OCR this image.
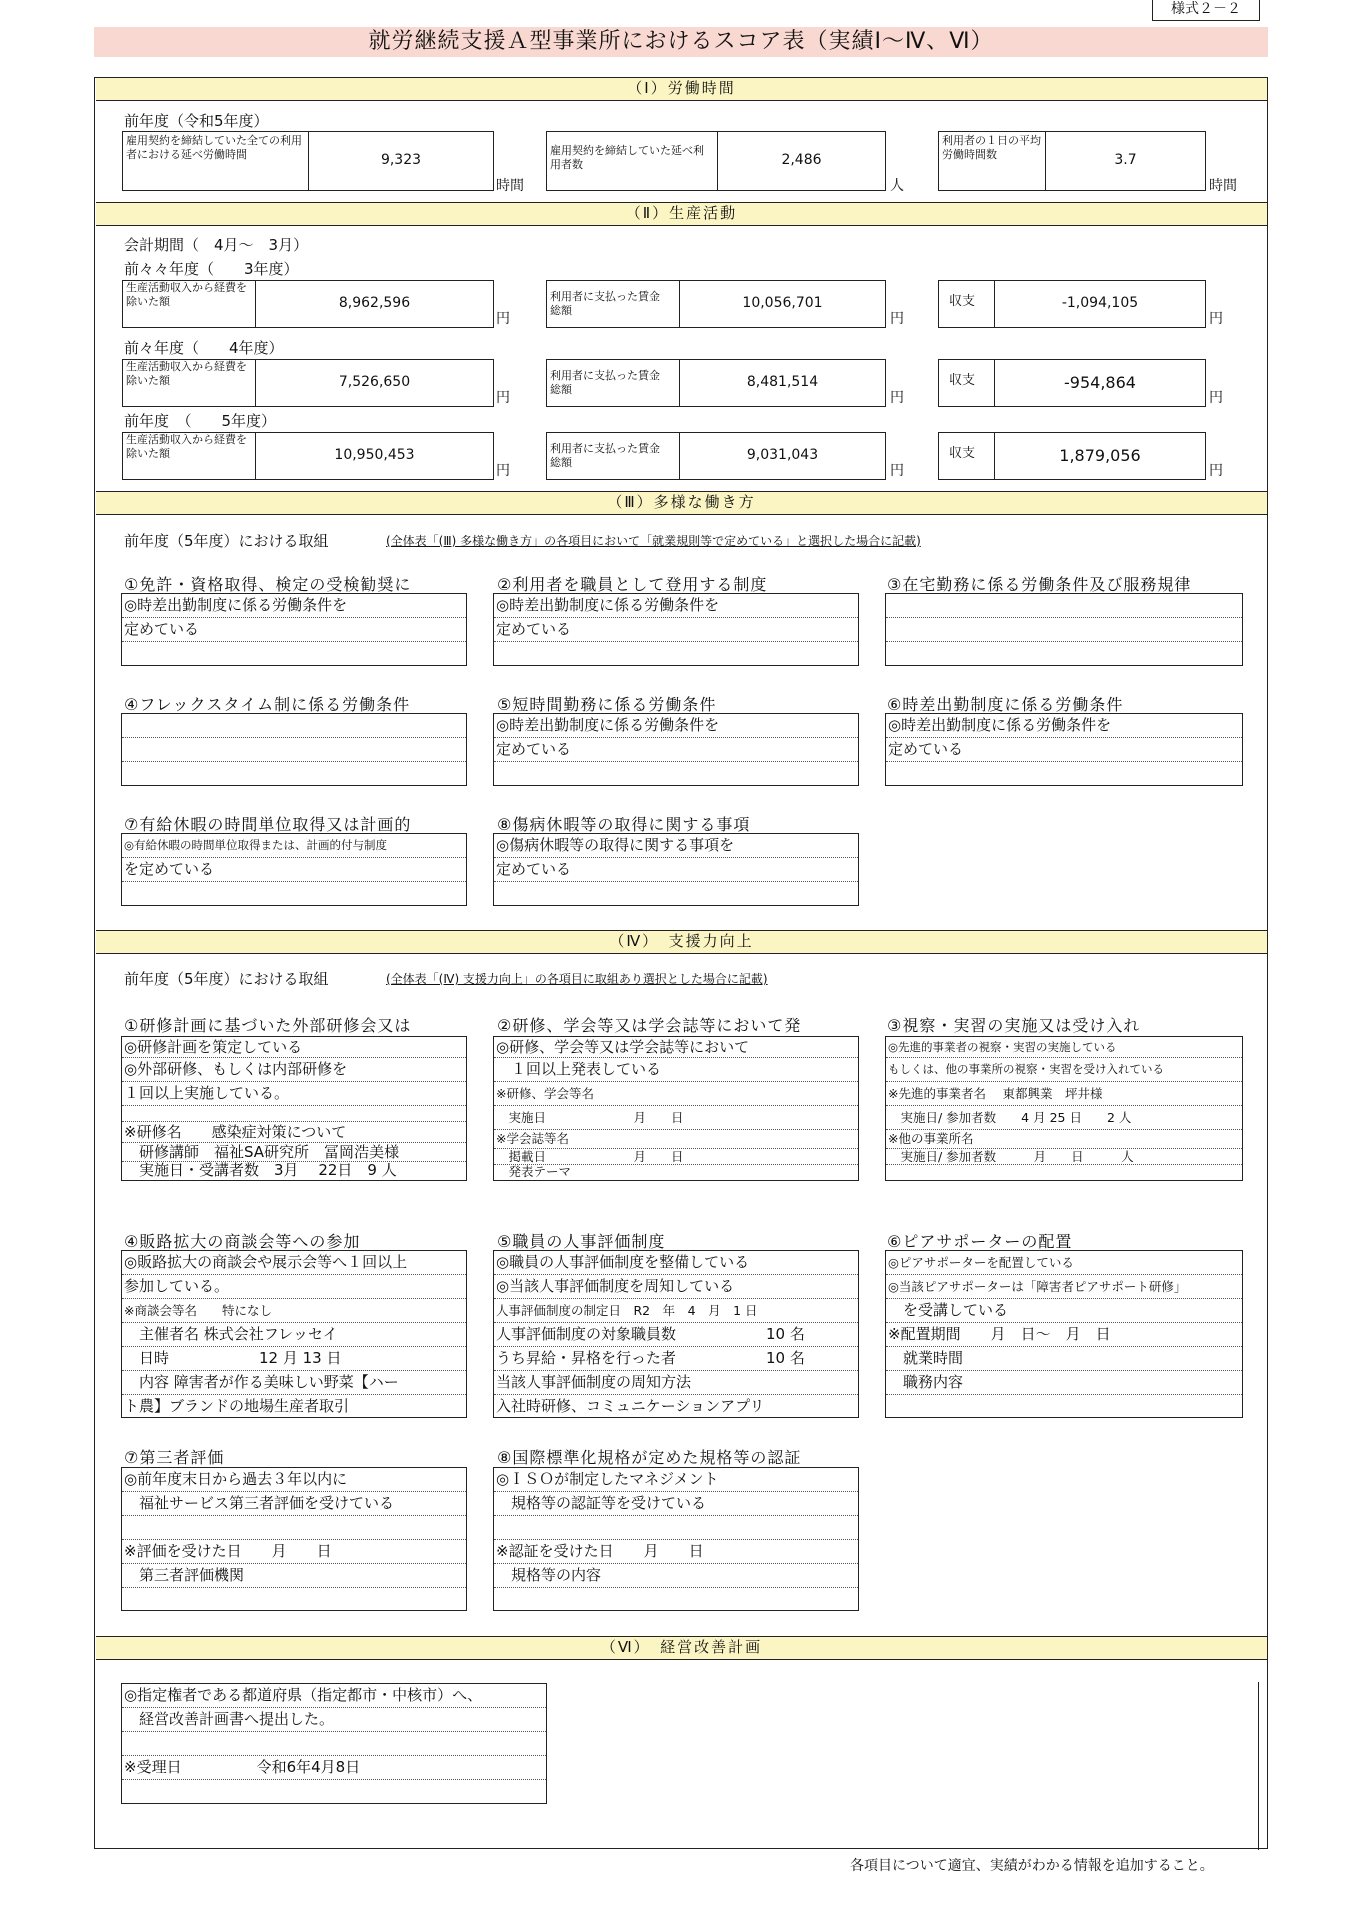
様式２－２
就労継続支援Ａ型事業所におけるスコア表（実績Ⅰ～Ⅳ、Ⅵ）
（Ⅰ）労働時間
前年度（令和5年度）
雇用契約を締結していた全ての利用者における延べ労働時間	9,323
時間
雇用契約を締結していた延べ利用者数	2,486
人
利用者の１日の平均労働時間数	3.7
時間
（Ⅱ）生産活動
会計期間（　4月～　3月）
前々々年度（　　3年度）
生産活動収入から経費を除いた額	8,962,596
円
利用者に支払った賃金総額	10,056,701
円
収支	-1,094,105
円
前々年度（　　4年度）
生産活動収入から経費を除いた額	7,526,650
円
利用者に支払った賃金総額	8,481,514
円
収支	-954,864
円
前年度　（　　5年度）
生産活動収入から経費を除いた額	10,950,453
円
利用者に支払った賃金総額	9,031,043
円
収支	1,879,056
円
（Ⅲ）多様な働き方
前年度（5年度）における取組	(全体表「(Ⅲ) 多様な働き方」の各項目において「就業規則等で定めている」と選択した場合に記載)
①免許・資格取得、検定の受検勧奨に
◎時差出勤制度に係る労働条件を
定めている
②利用者を職員として登用する制度
◎時差出勤制度に係る労働条件を
定めている
③在宅勤務に係る労働条件及び服務規律
④フレックスタイム制に係る労働条件	⑤短時間勤務に係る労働条件
◎時差出勤制度に係る労働条件を
定めている
⑥時差出勤制度に係る労働条件
◎時差出勤制度に係る労働条件を
定めている
⑦有給休暇の時間単位取得又は計画的
◎有給休暇の時間単位取得または、計画的付与制度
を定めている
⑧傷病休暇等の取得に関する事項
◎傷病休暇等の取得に関する事項を
定めている
（Ⅳ）　支援力向上
前年度（5年度）における取組	(全体表「(Ⅳ) 支援力向上」の各項目に取組あり選択とした場合に記載)
①研修計画に基づいた外部研修会又は
◎研修計画を策定している
◎外部研修、もしくは内部研修を
１回以上実施している。
※研修名　　感染症対策について
　研修講師　福祉SA研究所　冨岡浩美様
　実施日・受講者数　3月　 22日　9 人
②研修、学会等又は学会誌等において発
◎研修、学会等又は学会誌等において
　１回以上発表している
※研修、学会等名
　実施日　　　　　　　月　　日
※学会誌等名
　掲載日　　　　　　　月　　日
　発表テーマ
③視察・実習の実施又は受け入れ
◎先進的事業者の視察・実習の実施している
もしくは、他の事業所の視察・実習を受け入れている
※先進的事業者名　 東都興業　坪井様
　実施日/ 参加者数　　4 月 25 日　　2 人
※他の事業所名
　実施日/ 参加者数　　　月　　日　　　人
④販路拡大の商談会等への参加
◎販路拡大の商談会や展示会等へ１回以上
参加している。
※商談会等名　　特になし
　主催者名 株式会社フレッセイ
　日時　　　　　　12 月 13 日
　内容 障害者が作る美味しい野菜【ハー
ト農】ブランドの地場生産者取引
⑤職員の人事評価制度
◎職員の人事評価制度を整備している
◎当該人事評価制度を周知している
人事評価制度の制定日　R2　年　4　月　1 日
人事評価制度の対象職員数　　　　　　10 名
うち昇給・昇格を行った者　　　　　　10 名
当該人事評価制度の周知方法
入社時研修、コミュニケーションアプリ
⑥ピアサポーターの配置
◎ピアサポーターを配置している
◎当該ピアサポーターは「障害者ピアサポート研修」
　を受講している
※配置期間　　月　日～　月　日
　就業時間
　職務内容
⑦第三者評価
◎前年度末日から過去３年以内に
　福祉サービス第三者評価を受けている
※評価を受けた日　　月　　日
　第三者評価機関
⑧国際標準化規格が定めた規格等の認証
◎ＩＳＯが制定したマネジメント
　規格等の認証等を受けている
※認証を受けた日　　月　　日
　規格等の内容
（Ⅵ）　経営改善計画
◎指定権者である都道府県（指定都市・中核市）へ、
　経営改善計画書へ提出した。
※受理日　　　　　令和6年4月8日
各項目について適宜、実績がわかる情報を追加すること。
